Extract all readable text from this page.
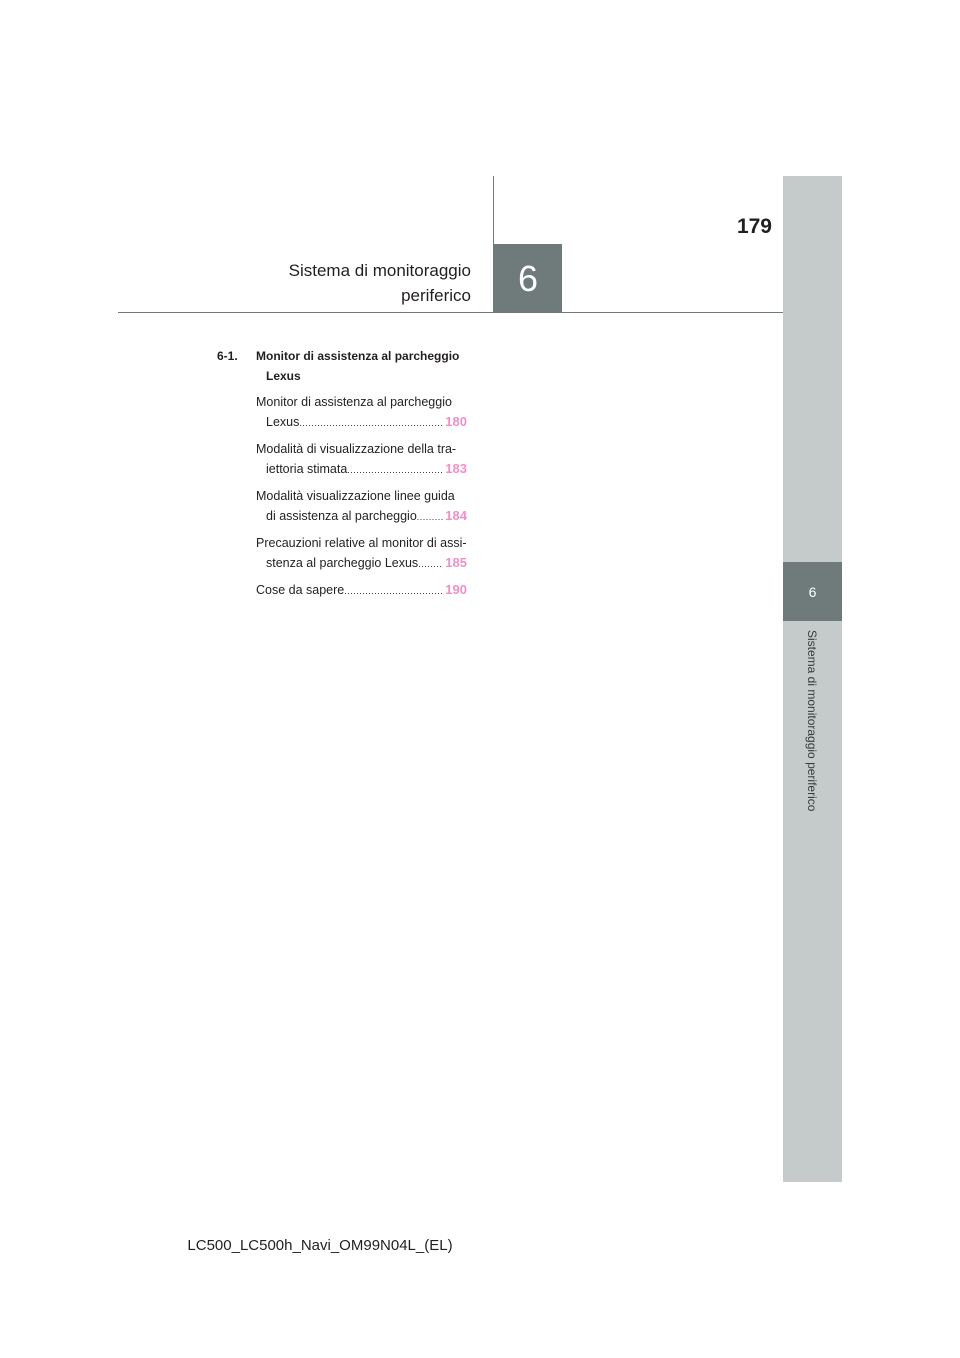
6
Sistema di monitoraggio periferico
179
Sistema di monitoraggio
periferico	6
6-1. Monitor di assistenza al parcheggio
Lexus
Monitor di assistenza al parcheggio
Lexus .....	180
Modalità di visualizzazione della tra-
iettoria stimata .....	183
Modalità visualizzazione linee guida
di assistenza al parcheggio ..... 184
Precauzioni relative al monitor di assi-
stenza al parcheggio Lexus ..... 185
Cose da sapere .....	190
LC500_LC500h_Navi_OM99N04L_(EL)
